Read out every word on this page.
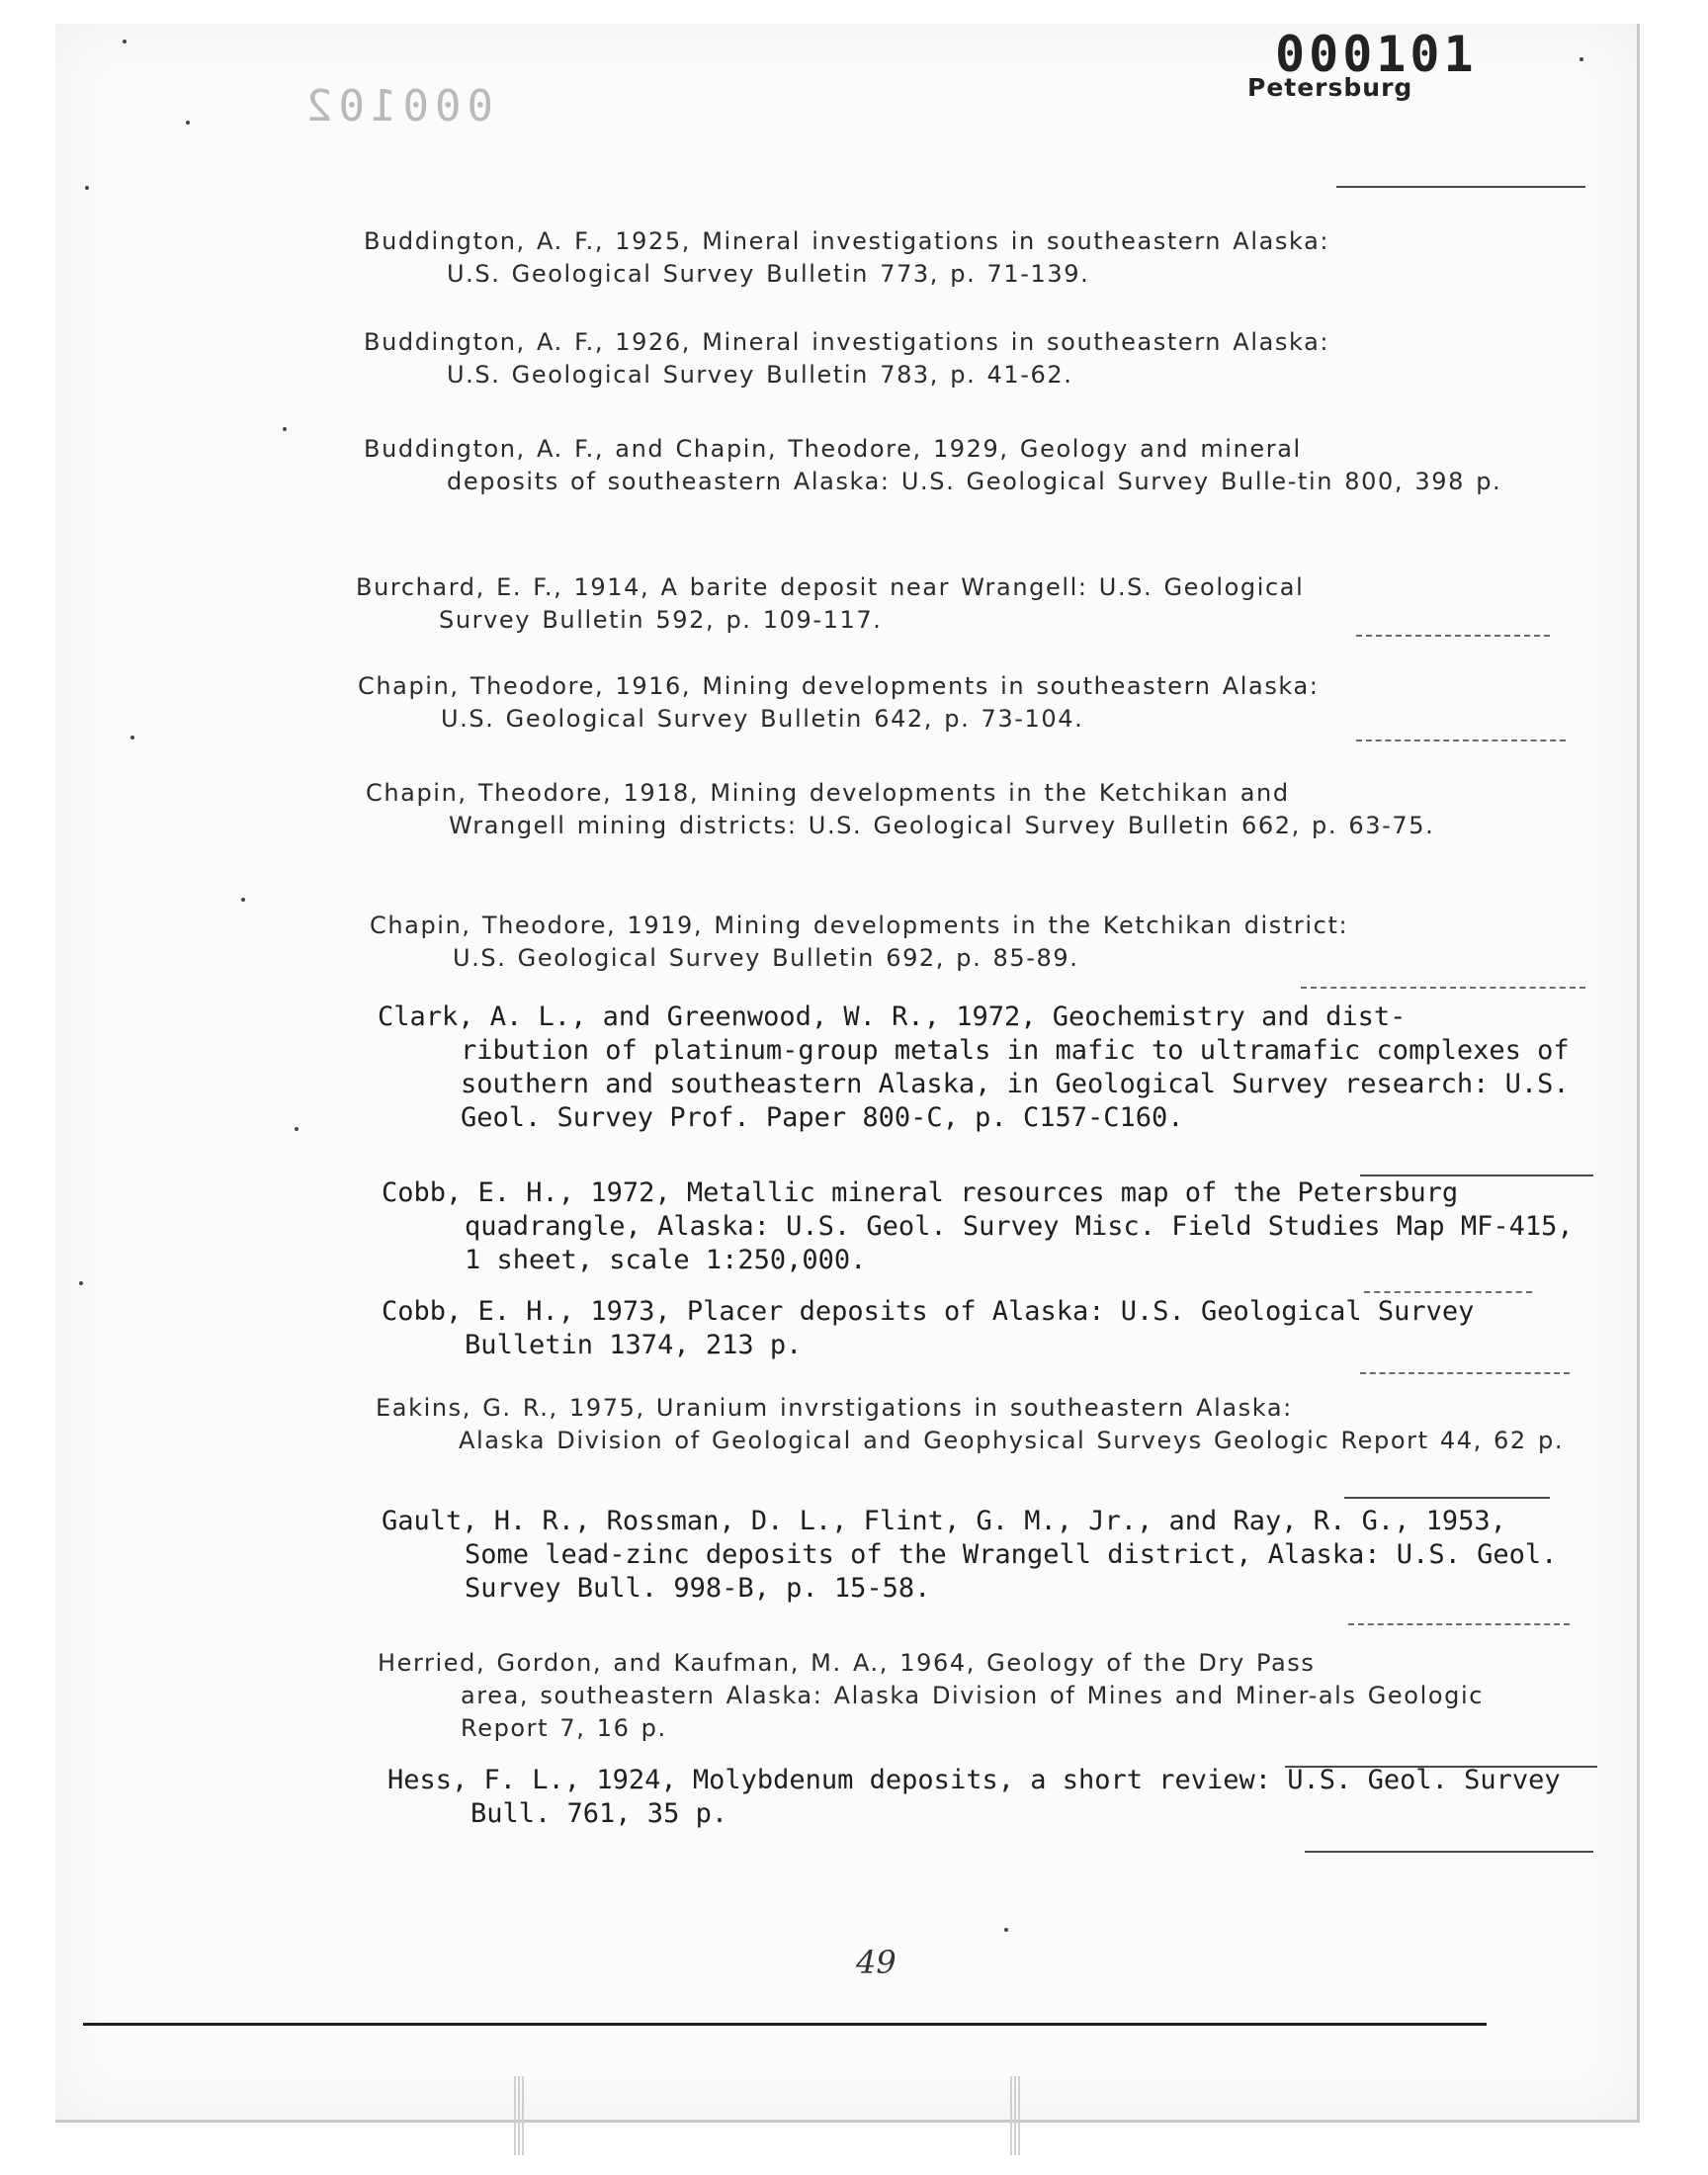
000102
000101
Petersburg
Buddington, A. F., 1925, Mineral investigations in southeastern Alaska:
U.S. Geological Survey Bulletin 773, p. 71-139.
Buddington, A. F., 1926, Mineral investigations in southeastern Alaska:
U.S. Geological Survey Bulletin 783, p. 41-62.
Buddington, A. F., and Chapin, Theodore, 1929, Geology and mineral
deposits of southeastern Alaska: U.S. Geological Survey Bulle-tin 800, 398 p.
Burchard, E. F., 1914, A barite deposit near Wrangell: U.S. Geological
Survey Bulletin 592, p. 109-117.
Chapin, Theodore, 1916, Mining developments in southeastern Alaska:
U.S. Geological Survey Bulletin 642, p. 73-104.
Chapin, Theodore, 1918, Mining developments in the Ketchikan and
Wrangell mining districts: U.S. Geological Survey Bulletin 662, p. 63-75.
Chapin, Theodore, 1919, Mining developments in the Ketchikan district:
U.S. Geological Survey Bulletin 692, p. 85-89.
Clark, A. L., and Greenwood, W. R., 1972, Geochemistry and dist-
ribution of platinum-group metals in mafic to ultramafic complexes of southern and southeastern Alaska, in Geological Survey research: U.S. Geol. Survey Prof. Paper 800-C, p. C157-C160.
Cobb, E. H., 1972, Metallic mineral resources map of the Petersburg
quadrangle, Alaska: U.S. Geol. Survey Misc. Field Studies Map MF-415, 1 sheet, scale 1:250,000.
Cobb, E. H., 1973, Placer deposits of Alaska: U.S. Geological Survey
Bulletin 1374, 213 p.
Eakins, G. R., 1975, Uranium invrstigations in southeastern Alaska:
Alaska Division of Geological and Geophysical Surveys Geologic Report 44, 62 p.
Gault, H. R., Rossman, D. L., Flint, G. M., Jr., and Ray, R. G., 1953,
Some lead-zinc deposits of the Wrangell district, Alaska: U.S. Geol. Survey Bull. 998-B, p. 15-58.
Herried, Gordon, and Kaufman, M. A., 1964, Geology of the Dry Pass
area, southeastern Alaska: Alaska Division of Mines and Miner-als Geologic Report 7, 16 p.
Hess, F. L., 1924, Molybdenum deposits, a short review: U.S. Geol. Survey
Bull. 761, 35 p.
49
